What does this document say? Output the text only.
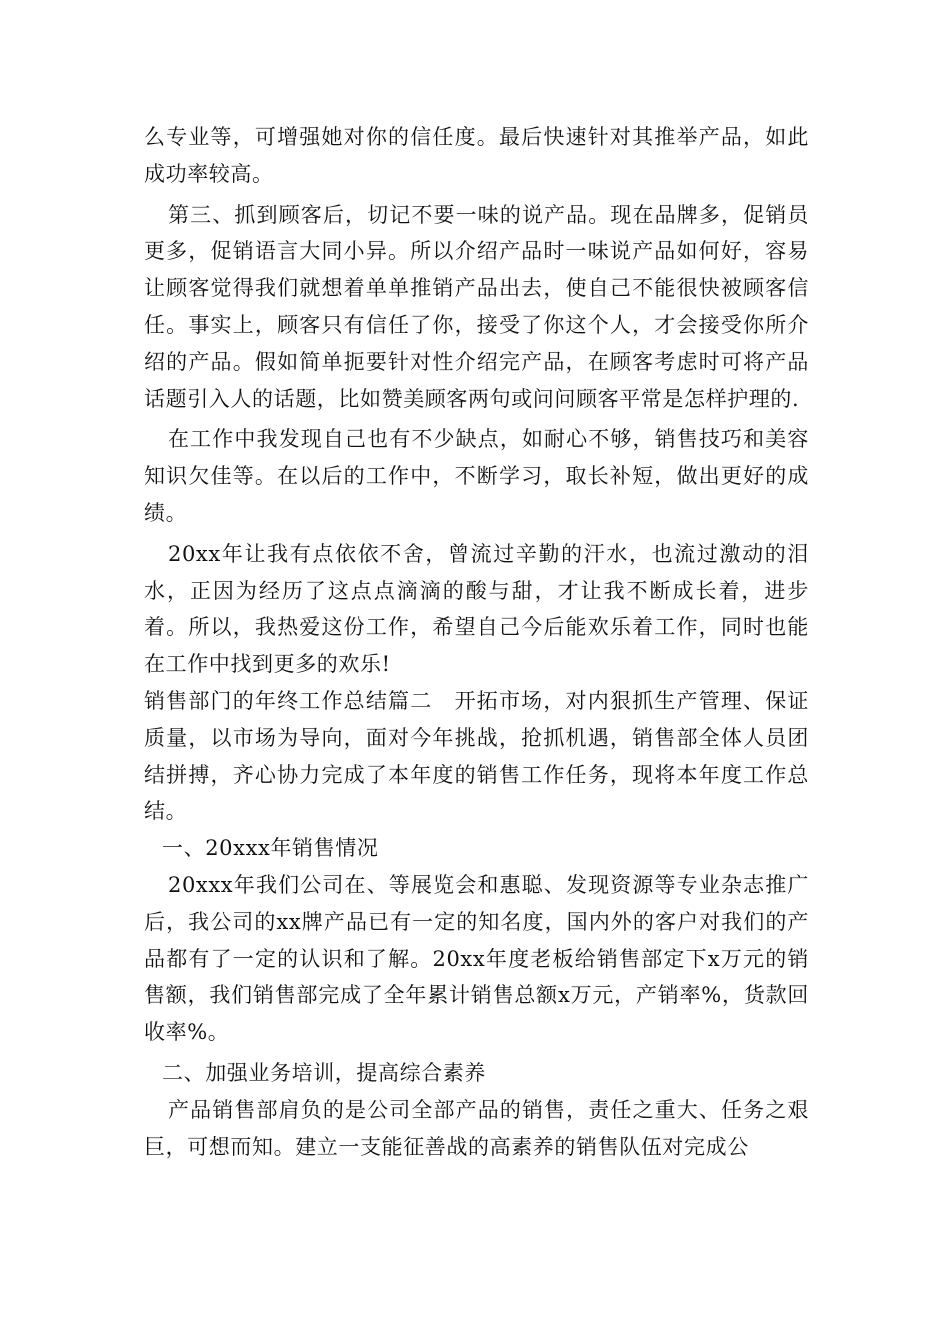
么专业等，可增强她对你的信任度。最后快速针对其推举产品，如此成功率较高。

第三、抓到顾客后，切记不要一味的说产品。现在品牌多，促销员更多，促销语言大同小异。所以介绍产品时一味说产品如何好，容易让顾客觉得我们就想着单单推销产品出去，使自己不能很快被顾客信任。事实上，顾客只有信任了你，接受了你这个人，才会接受你所介绍的产品。假如简单扼要针对性介绍完产品，在顾客考虑时可将产品话题引入人的话题，比如赞美顾客两句或问问顾客平常是怎样护理的.

在工作中我发现自己也有不少缺点，如耐心不够，销售技巧和美容知识欠佳等。在以后的工作中，不断学习，取长补短，做出更好的成绩。

20xx年让我有点依依不舍，曾流过辛勤的汗水，也流过激动的泪水，正因为经历了这点点滴滴的酸与甜，才让我不断成长着，进步着。所以，我热爱这份工作，希望自己今后能欢乐着工作，同时也能在工作中找到更多的欢乐!

销售部门的年终工作总结篇二　开拓市场，对内狠抓生产管理、保证质量，以市场为导向，面对今年挑战，抢抓机遇，销售部全体人员团结拼搏，齐心协力完成了本年度的销售工作任务，现将本年度工作总结。

一、20xxx年销售情况

20xxx年我们公司在、等展览会和惠聪、发现资源等专业杂志推广后，我公司的xx牌产品已有一定的知名度，国内外的客户对我们的产品都有了一定的认识和了解。20xx年度老板给销售部定下x万元的销售额，我们销售部完成了全年累计销售总额x万元，产销率%，货款回收率%。

二、加强业务培训，提高综合素养

产品销售部肩负的是公司全部产品的销售，责任之重大、任务之艰巨，可想而知。建立一支能征善战的高素养的销售队伍对完成公
